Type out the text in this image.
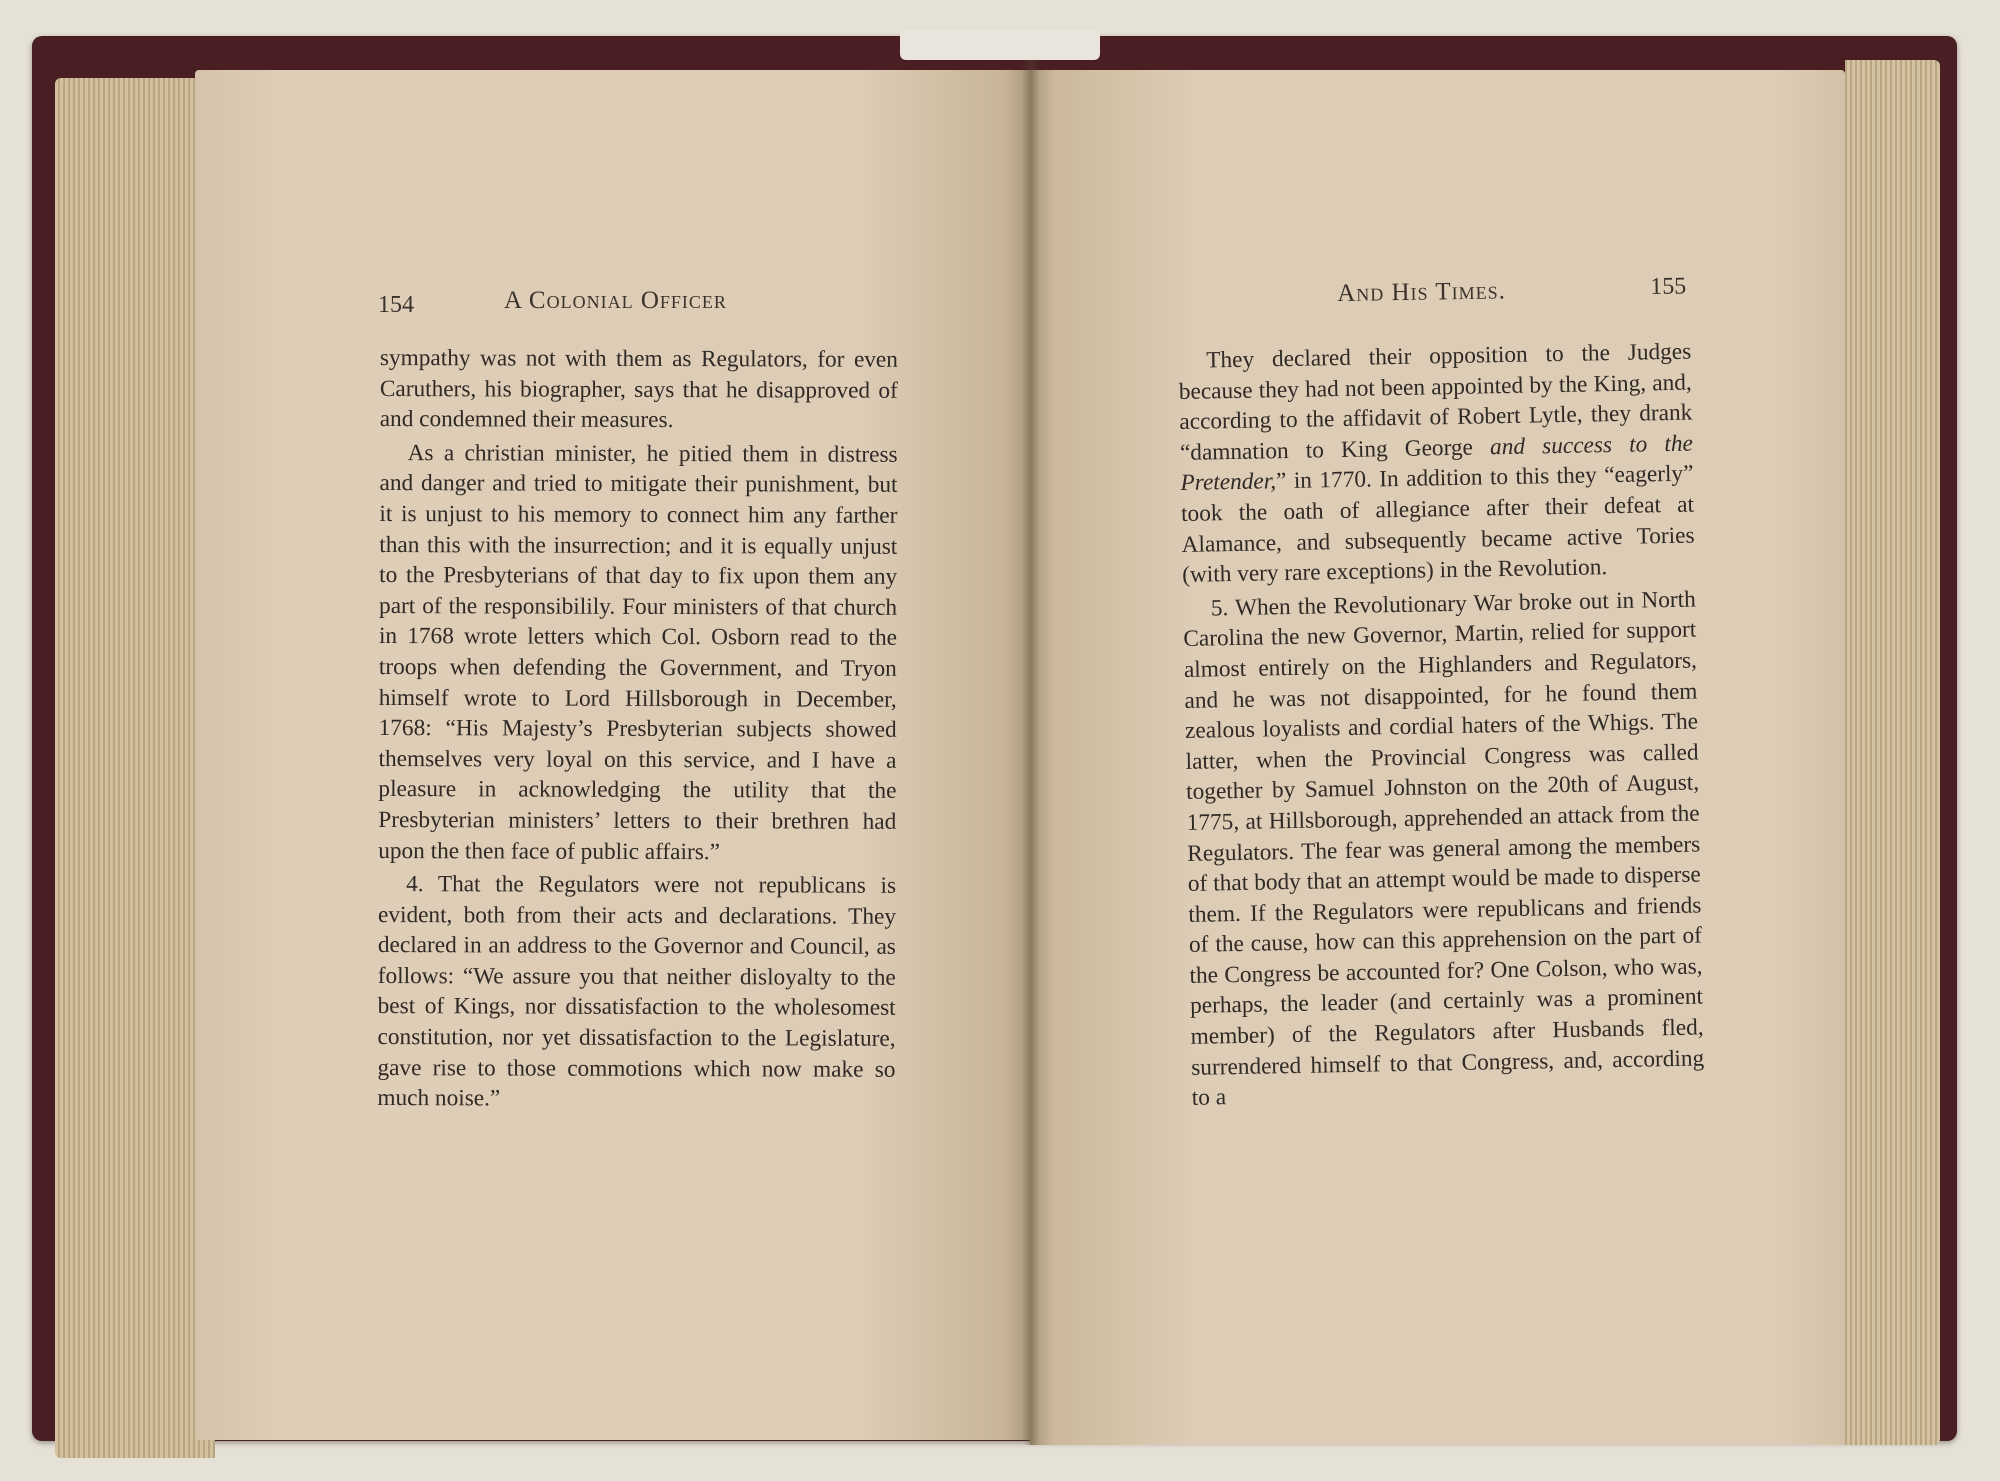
154	A Colonial Officer

sympathy was not with them as Regulators, for even Caruthers, his biographer, says that he disapproved of and condemned their measures.

As a christian minister, he pitied them in distress and danger and tried to mitigate their punishment, but it is unjust to his memory to connect him any farther than this with the insurrection; and it is equally unjust to the Presbyterians of that day to fix upon them any part of the responsibilily. Four ministers of that church in 1768 wrote letters which Col. Osborn read to the troops when defending the Government, and Tryon himself wrote to Lord Hillsborough in December, 1768: “His Majesty’s Presbyterian subjects showed themselves very loyal on this service, and I have a pleasure in acknowledging the utility that the Presbyterian ministers’ letters to their brethren had upon the then face of public affairs.”

4. That the Regulators were not republicans is evident, both from their acts and declarations. They declared in an address to the Governor and Council, as follows: “We assure you that neither disloyalty to the best of Kings, nor dissatisfaction to the wholesomest constitution, nor yet dissatisfaction to the Legislature, gave rise to those commotions which now make so much noise.”

And His Times.	155

They declared their opposition to the Judges because they had not been appointed by the King, and, according to the affidavit of Robert Lytle, they drank “damnation to King George and success to the Pretender,” in 1770. In addition to this they “eagerly” took the oath of allegiance after their defeat at Alamance, and subsequently became active Tories (with very rare exceptions) in the Revolution.

5. When the Revolutionary War broke out in North Carolina the new Governor, Martin, relied for support almost entirely on the Highlanders and Regulators, and he was not disappointed, for he found them zealous loyalists and cordial haters of the Whigs. The latter, when the Provincial Congress was called together by Samuel Johnston on the 20th of August, 1775, at Hillsborough, apprehended an attack from the Regulators. The fear was general among the members of that body that an attempt would be made to disperse them. If the Regulators were republicans and friends of the cause, how can this apprehension on the part of the Congress be accounted for? One Colson, who was, perhaps, the leader (and certainly was a prominent member) of the Regulators after Husbands fled, surrendered himself to that Congress, and, according to a
